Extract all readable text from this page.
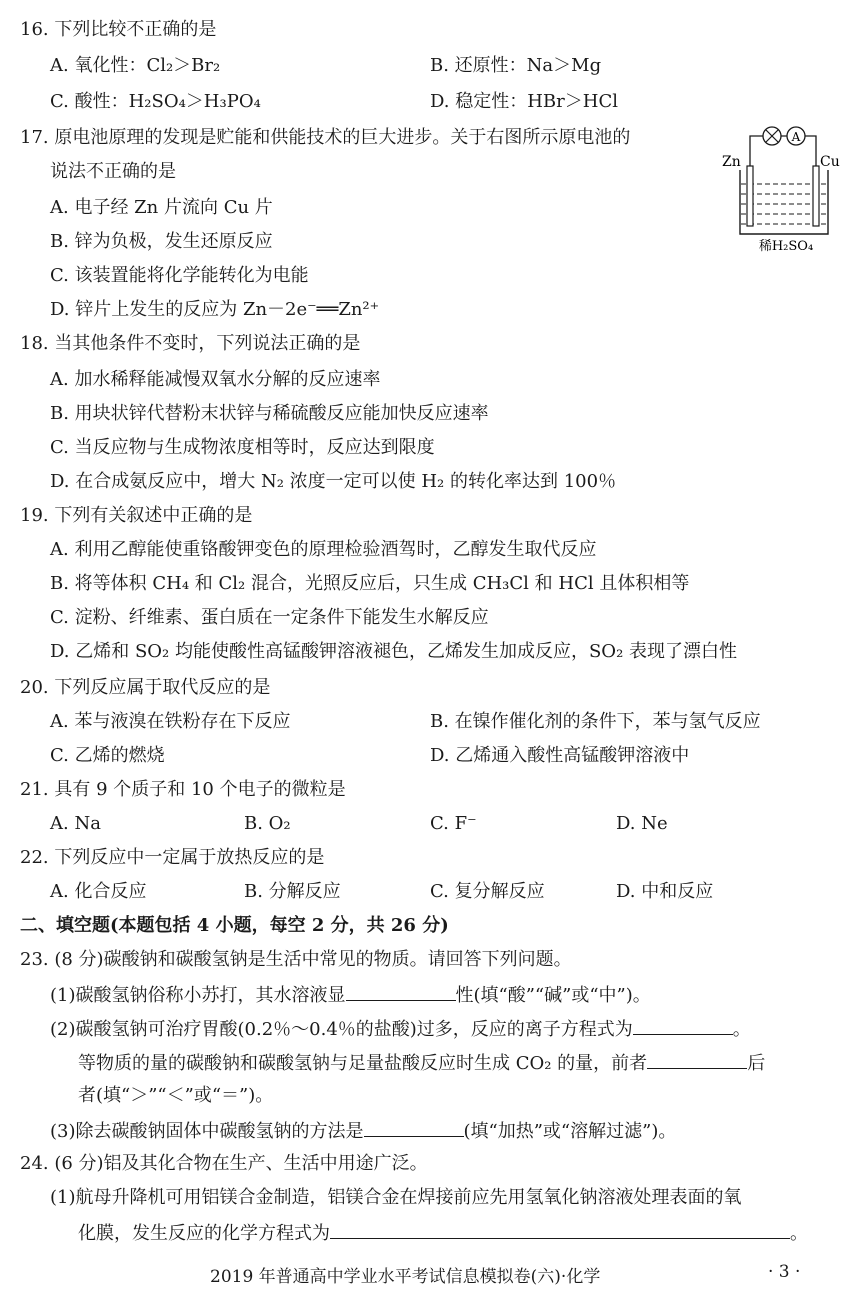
16. 下列比较不正确的是
A. 氧化性：Cl₂＞Br₂	B. 还原性：Na＞Mg
C. 酸性：H₂SO₄＞H₃PO₄	D. 稳定性：HBr＞HCl
17. 原电池原理的发现是贮能和供能技术的巨大进步。关于右图所示原电池的
说法不正确的是
A. 电子经 Zn 片流向 Cu 片
B. 锌为负极，发生还原反应
C. 该装置能将化学能转化为电能
D. 锌片上发生的反应为 Zn－2e⁻══Zn²⁺
A
Zn	Cu
稀H₂SO₄
18. 当其他条件不变时，下列说法正确的是
A. 加水稀释能减慢双氧水分解的反应速率
B. 用块状锌代替粉末状锌与稀硫酸反应能加快反应速率
C. 当反应物与生成物浓度相等时，反应达到限度
D. 在合成氨反应中，增大 N₂ 浓度一定可以使 H₂ 的转化率达到 100％
19. 下列有关叙述中正确的是
A. 利用乙醇能使重铬酸钾变色的原理检验酒驾时，乙醇发生取代反应
B. 将等体积 CH₄ 和 Cl₂ 混合，光照反应后，只生成 CH₃Cl 和 HCl 且体积相等
C. 淀粉、纤维素、蛋白质在一定条件下能发生水解反应
D. 乙烯和 SO₂ 均能使酸性高锰酸钾溶液褪色，乙烯发生加成反应，SO₂ 表现了漂白性
20. 下列反应属于取代反应的是
A. 苯与液溴在铁粉存在下反应	B. 在镍作催化剂的条件下，苯与氢气反应
C. 乙烯的燃烧	D. 乙烯通入酸性高锰酸钾溶液中
21. 具有 9 个质子和 10 个电子的微粒是
A. Na	B. O₂	C. F⁻	D. Ne
22. 下列反应中一定属于放热反应的是
A. 化合反应	B. 分解反应	C. 复分解反应	D. 中和反应
二、填空题(本题包括 4 小题，每空 2 分，共 26 分)
23. (8 分)碳酸钠和碳酸氢钠是生活中常见的物质。请回答下列问题。
(1)碳酸氢钠俗称小苏打，其水溶液显	性(填“酸”“碱”或“中”)。
(2)碳酸氢钠可治疗胃酸(0.2％～0.4％的盐酸)过多，反应的离子方程式为	。
等物质的量的碳酸钠和碳酸氢钠与足量盐酸反应时生成 CO₂ 的量，前者	后
者(填“＞”“＜”或“＝”)。
(3)除去碳酸钠固体中碳酸氢钠的方法是	(填“加热”或“溶解过滤”)。
24. (6 分)铝及其化合物在生产、生活中用途广泛。
(1)航母升降机可用铝镁合金制造，铝镁合金在焊接前应先用氢氧化钠溶液处理表面的氧
化膜，发生反应的化学方程式为	。
2019 年普通高中学业水平考试信息模拟卷(六)·化学	· 3 ·
